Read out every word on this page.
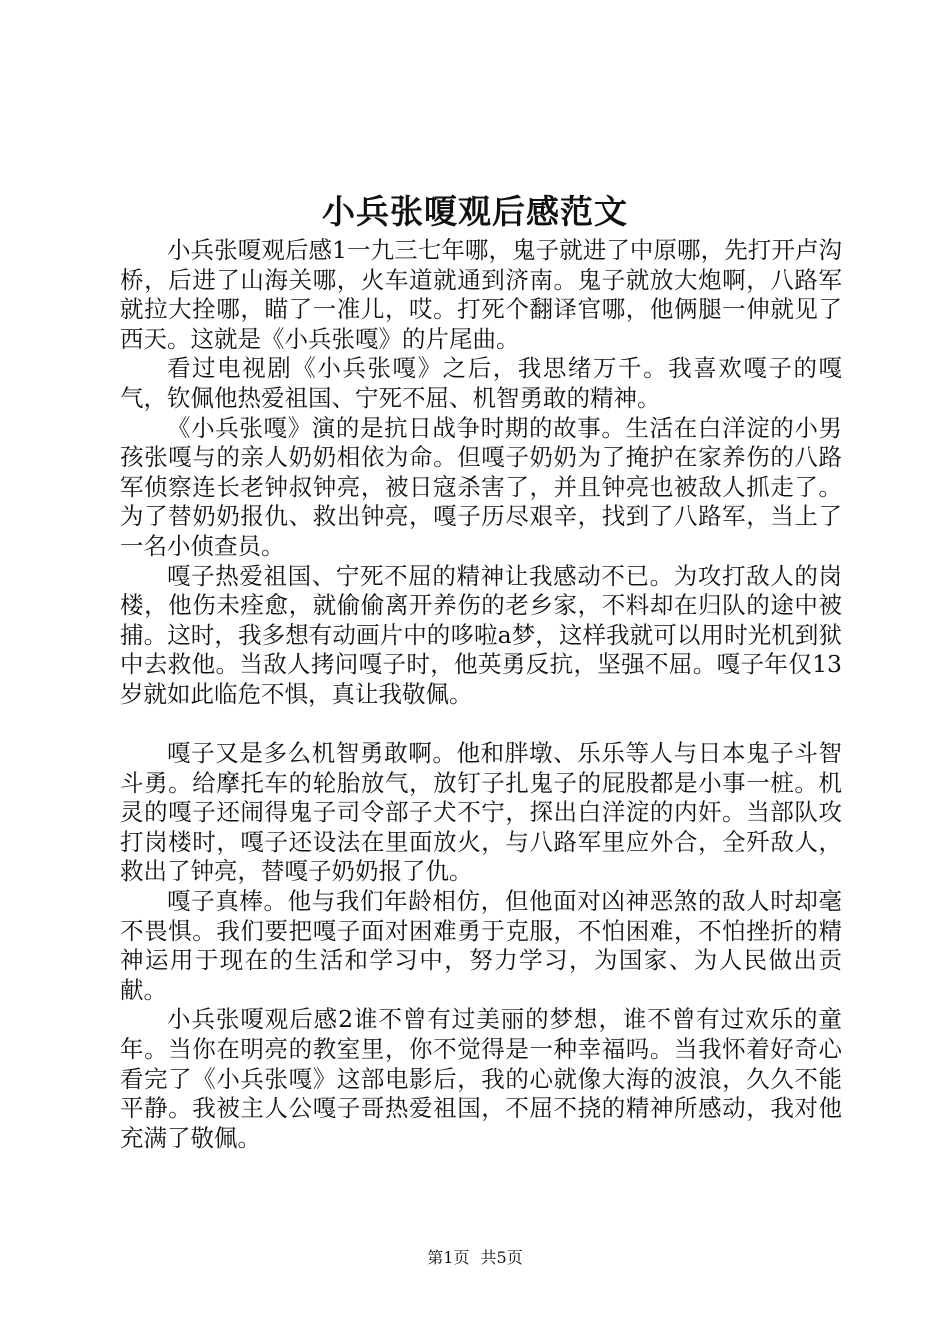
小兵张嗄观后感范文

小兵张嗄观后感1一九三七年哪，鬼子就进了中原哪，先打开卢沟桥，后进了山海关哪，火车道就通到济南。鬼子就放大炮啊，八路军就拉大拴哪，瞄了一准儿，哎。打死个翻译官哪，他俩腿一伸就见了西天。这就是《小兵张嘎》的片尾曲。

看过电视剧《小兵张嘎》之后，我思绪万千。我喜欢嘎子的嘎气，钦佩他热爱祖国、宁死不屈、机智勇敢的精神。

《小兵张嘎》演的是抗日战争时期的故事。生活在白洋淀的小男孩张嘎与的亲人奶奶相依为命。但嘎子奶奶为了掩护在家养伤的八路军侦察连长老钟叔钟亮，被日寇杀害了，并且钟亮也被敌人抓走了。为了替奶奶报仇、救出钟亮，嘎子历尽艰辛，找到了八路军，当上了一名小侦查员。

嘎子热爱祖国、宁死不屈的精神让我感动不已。为攻打敌人的岗楼，他伤未痊愈，就偷偷离开养伤的老乡家，不料却在归队的途中被捕。这时，我多想有动画片中的哆啦a梦，这样我就可以用时光机到狱中去救他。当敌人拷问嘎子时，他英勇反抗，坚强不屈。嘎子年仅13岁就如此临危不惧，真让我敬佩。

嘎子又是多么机智勇敢啊。他和胖墩、乐乐等人与日本鬼子斗智斗勇。给摩托车的轮胎放气，放钉子扎鬼子的屁股都是小事一桩。机灵的嘎子还闹得鬼子司令部子犬不宁，探出白洋淀的内奸。当部队攻打岗楼时，嘎子还设法在里面放火，与八路军里应外合，全歼敌人，救出了钟亮，替嘎子奶奶报了仇。

嘎子真棒。他与我们年龄相仿，但他面对凶神恶煞的敌人时却毫不畏惧。我们要把嘎子面对困难勇于克服，不怕困难，不怕挫折的精神运用于现在的生活和学习中，努力学习，为国家、为人民做出贡献。

小兵张嗄观后感2谁不曾有过美丽的梦想，谁不曾有过欢乐的童年。当你在明亮的教室里，你不觉得是一种幸福吗。当我怀着好奇心看完了《小兵张嘎》这部电影后，我的心就像大海的波浪，久久不能平静。我被主人公嘎子哥热爱祖国，不屈不挠的精神所感动，我对他充满了敬佩。

第1页 共5页
